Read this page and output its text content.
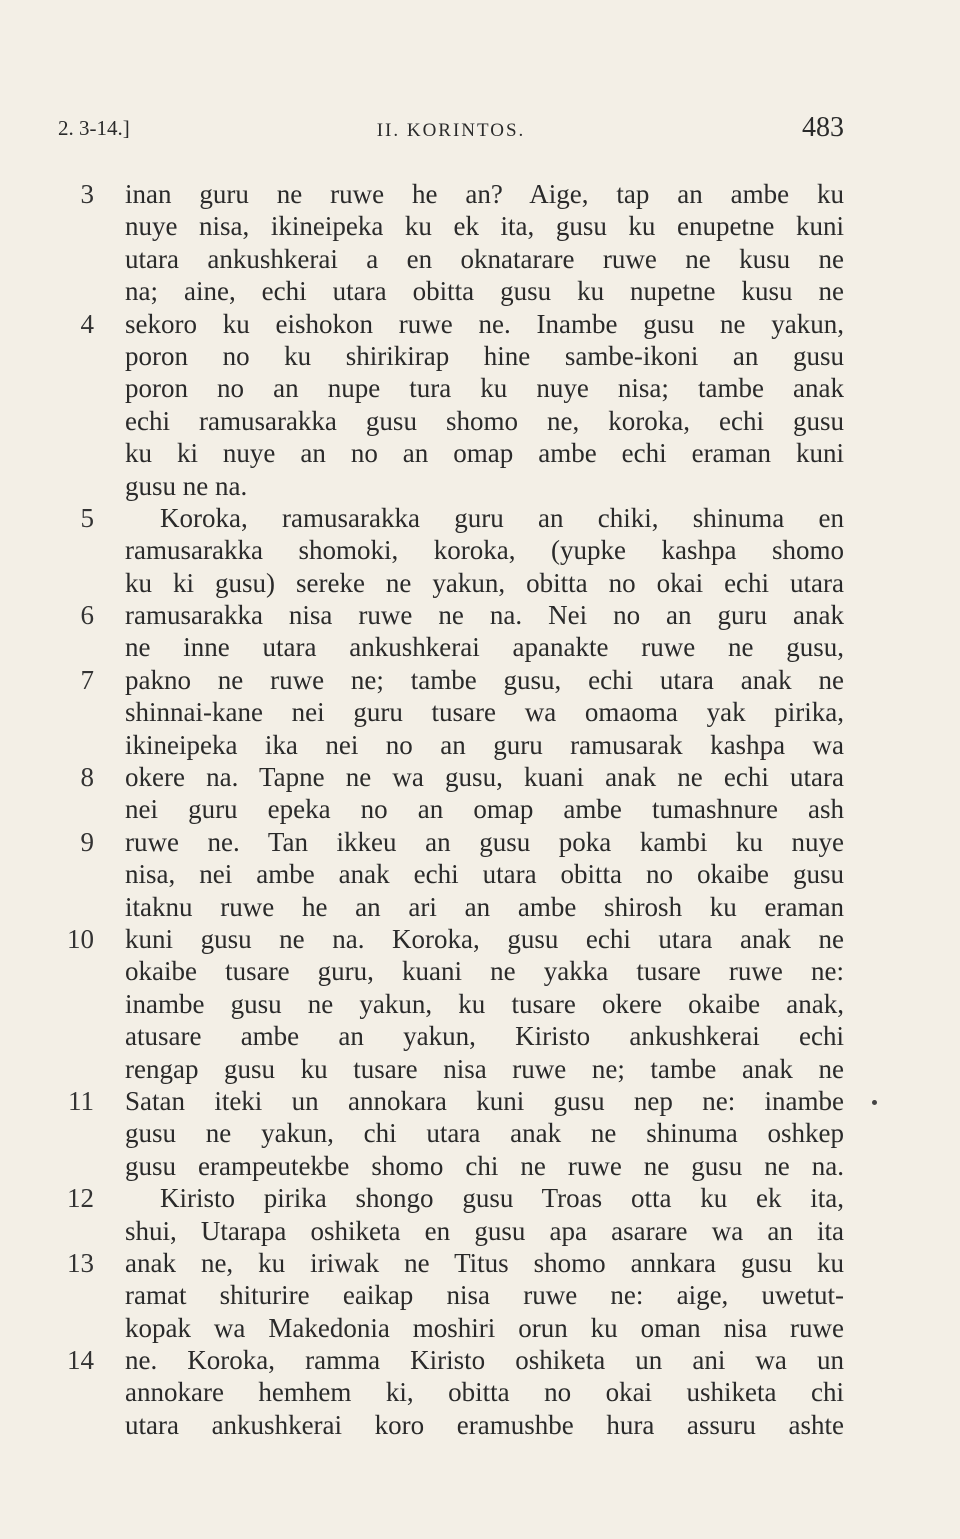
2. 3-14.]	II. KORINTOS.	483
3 inan guru ne ruwe he an? Aige, tap an ambe ku
nuye nisa, ikineipeka ku ek ita, gusu ku enupetne kuni
utara ankushkerai a en oknatarare ruwe ne kusu ne
na; aine, echi utara obitta gusu ku nupetne kusu ne
4 sekoro ku eishokon ruwe ne. Inambe gusu ne yakun,
poron no ku shirikirap hine sambe-ikoni an gusu
poron no an nupe tura ku nuye nisa; tambe anak
echi ramusarakka gusu shomo ne, koroka, echi gusu
ku ki nuye an no an omap ambe echi eraman kuni
gusu ne na.
5 Koroka, ramusarakka guru an chiki, shinuma en
ramusarakka shomoki, koroka, (yupke kashpa shomo
ku ki gusu) sereke ne yakun, obitta no okai echi utara
6 ramusarakka nisa ruwe ne na. Nei no an guru anak
ne inne utara ankushkerai apanakte ruwe ne gusu,
7 pakno ne ruwe ne; tambe gusu, echi utara anak ne
shinnai-kane nei guru tusare wa omaoma yak pirika,
ikineipeka ika nei no an guru ramusarak kashpa wa
8 okere na. Tapne ne wa gusu, kuani anak ne echi utara
nei guru epeka no an omap ambe tumashnure ash
9 ruwe ne. Tan ikkeu an gusu poka kambi ku nuye
nisa, nei ambe anak echi utara obitta no okaibe gusu
itaknu ruwe he an ari an ambe shirosh ku eraman
10 kuni gusu ne na. Koroka, gusu echi utara anak ne
okaibe tusare guru, kuani ne yakka tusare ruwe ne:
inambe gusu ne yakun, ku tusare okere okaibe anak,
atusare ambe an yakun, Kiristo ankushkerai echi
rengap gusu ku tusare nisa ruwe ne; tambe anak ne
11 Satan iteki un annokara kuni gusu nep ne: inambe
gusu ne yakun, chi utara anak ne shinuma oshkep
gusu erampeutekbe shomo chi ne ruwe ne gusu ne na.
12 Kiristo pirika shongo gusu Troas otta ku ek ita,
shui, Utarapa oshiketa en gusu apa asarare wa an ita
13 anak ne, ku iriwak ne Titus shomo annkara gusu ku
ramat shiturire eaikap nisa ruwe ne: aige, uwetut-
kopak wa Makedonia moshiri orun ku oman nisa ruwe
14 ne. Koroka, ramma Kiristo oshiketa un ani wa un
annokare hemhem ki, obitta no okai ushiketa chi
utara ankushkerai koro eramushbe hura assuru ashte
